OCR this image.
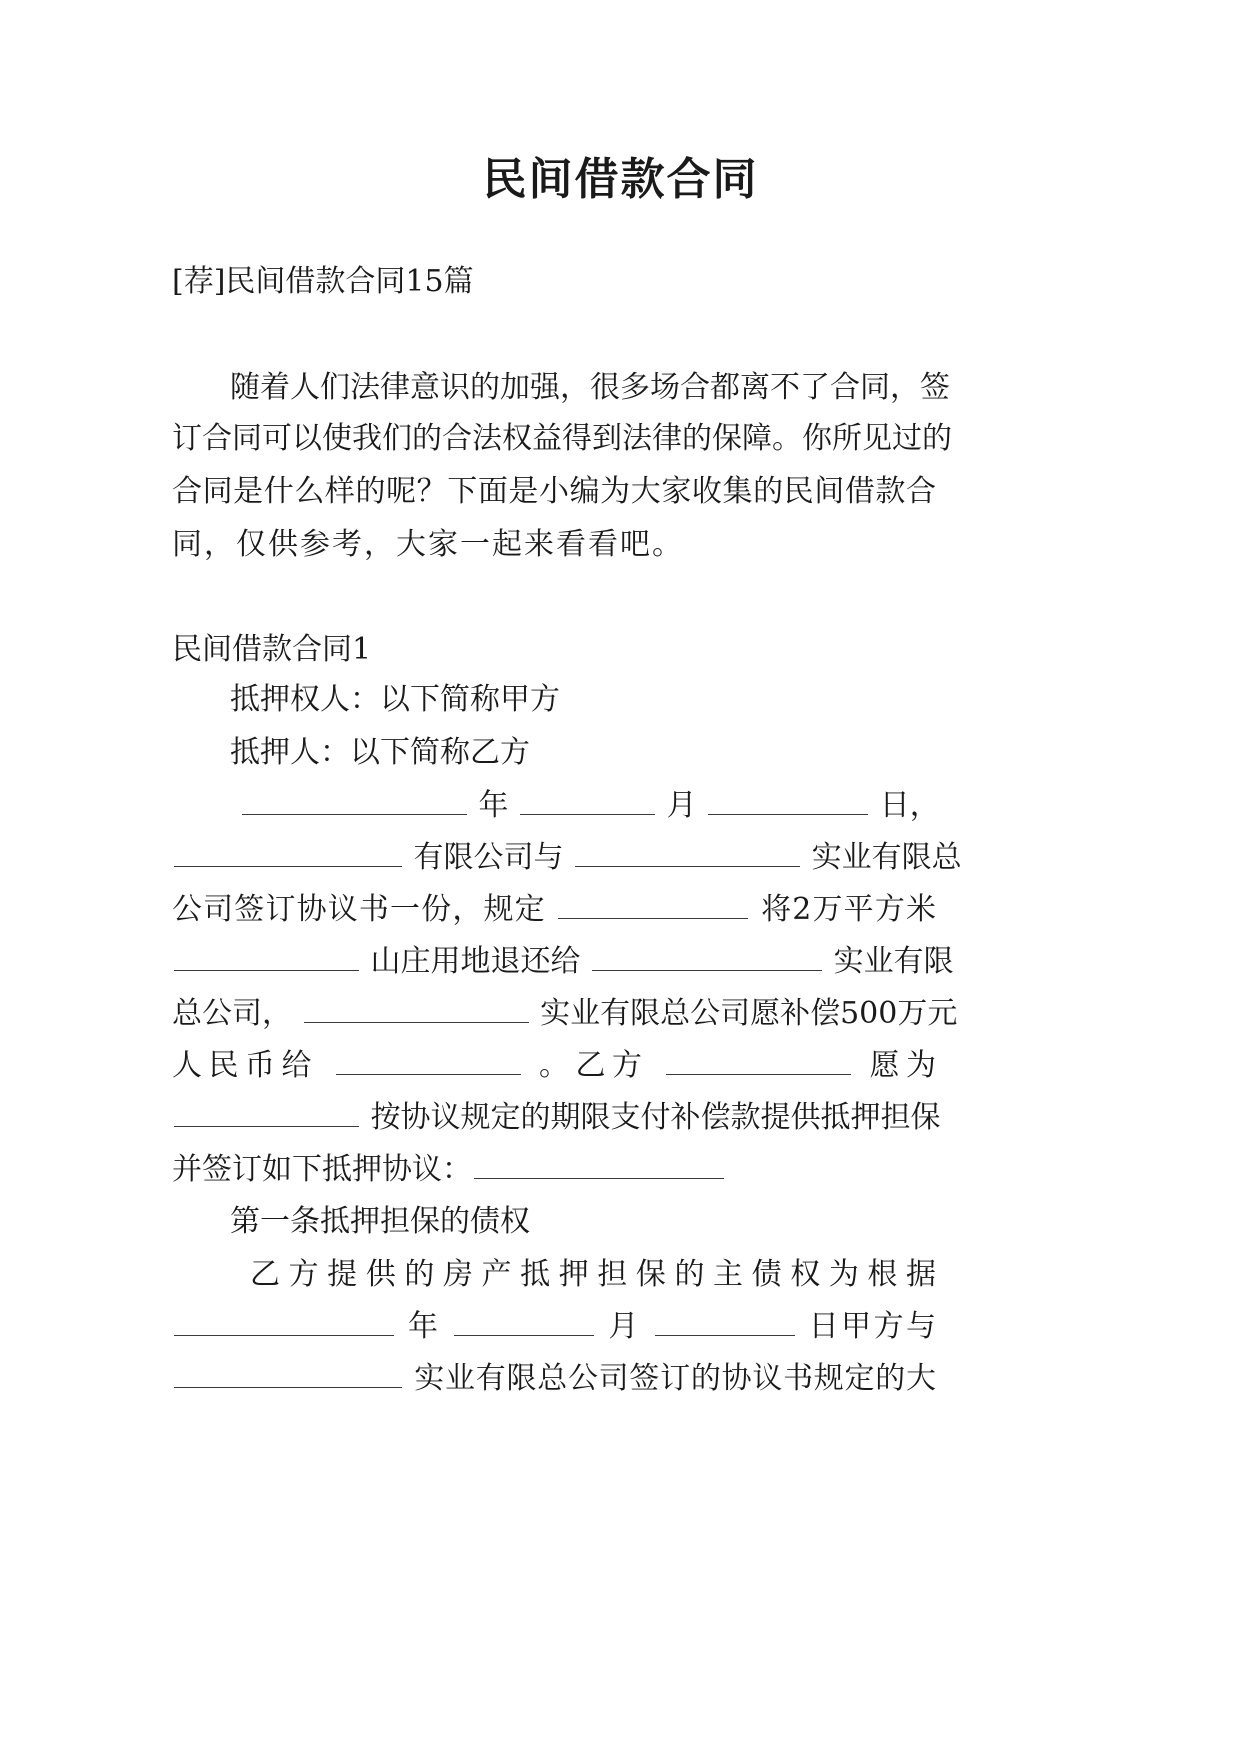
民间借款合同
[荐]民间借款合同15篇
随着人们法律意识的加强，很多场合都离不了合同，签
订合同可以使我们的合法权益得到法律的保障。你所见过的
合同是什么样的呢？下面是小编为大家收集的民间借款合
同，仅供参考，大家一起来看看吧。
民间借款合同1
抵押权人：以下简称甲方
抵押人：以下简称乙方
年	月	日，
有限公司与	实业有限总
公司签订协议书一份，规定	将2万平方米
山庄用地退还给	实业有限
总公司，	实业有限总公司愿补偿500万元
人民币给	。乙方	愿为
按协议规定的期限支付补偿款提供抵押担保
并签订如下抵押协议：
第一条抵押担保的债权
乙方提供的房产抵押担保的主债权为根据
年	月	日甲方与
实业有限总公司签订的协议书规定的大
